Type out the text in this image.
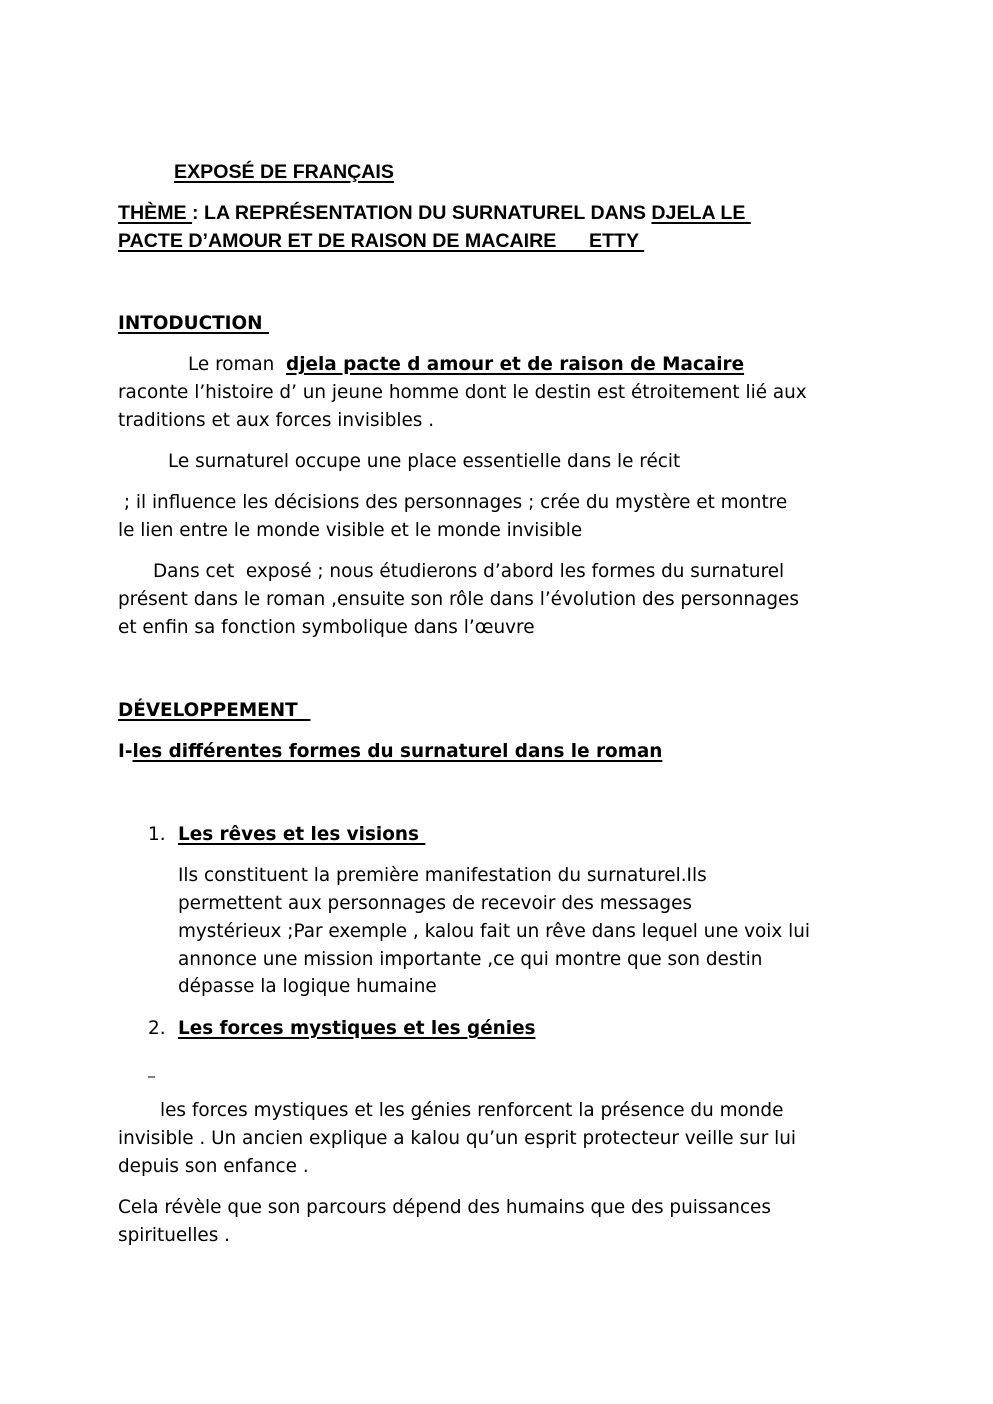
EXPOSÉ DE FRANÇAIS
THÈME : LA REPRÉSENTATION DU SURNATUREL DANS DJELA LE
PACTE D’AMOUR ET DE RAISON DE MACAIRE      ETTY
INTODUCTION
Le roman  djela pacte d amour et de raison de Macaire
raconte l’histoire d’ un jeune homme dont le destin est étroitement lié aux
traditions et aux forces invisibles .
Le surnaturel occupe une place essentielle dans le récit
; il influence les décisions des personnages ; crée du mystère et montre
le lien entre le monde visible et le monde invisible
Dans cet  exposé ; nous étudierons d’abord les formes du surnaturel
présent dans le roman ,ensuite son rôle dans l’évolution des personnages
et enfin sa fonction symbolique dans l’œuvre
DÉVELOPPEMENT
I-les différentes formes du surnaturel dans le roman
1. Les rêves et les visions
Ils constituent la première manifestation du surnaturel.Ils
permettent aux personnages de recevoir des messages
mystérieux ;Par exemple , kalou fait un rêve dans lequel une voix lui
annonce une mission importante ,ce qui montre que son destin
dépasse la logique humaine
2. Les forces mystiques et les génies
_
les forces mystiques et les génies renforcent la présence du monde
invisible . Un ancien explique a kalou qu’un esprit protecteur veille sur lui
depuis son enfance .
Cela révèle que son parcours dépend des humains que des puissances
spirituelles .
